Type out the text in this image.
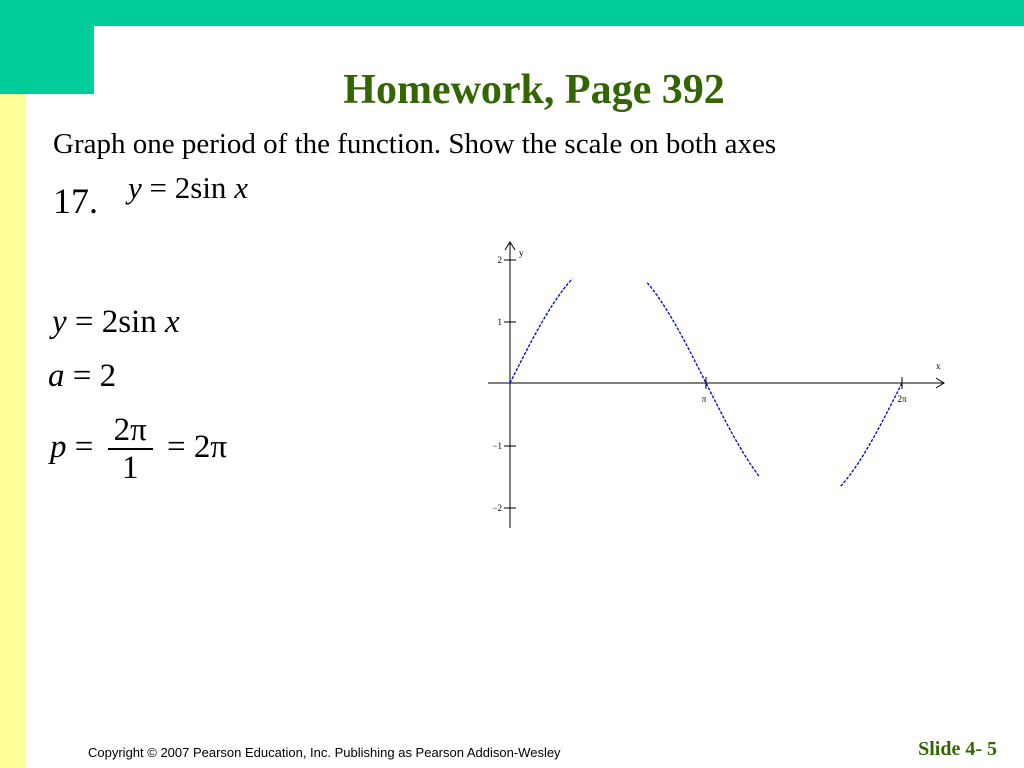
Homework, Page 392
Graph one period of the function. Show the scale on both axes
17. y = 2sin x
y = 2sin x
a = 2
$p = \frac{2\pi}{1} = 2\pi$
y
x
2
1
−1
−2
π	2π
Copyright © 2007 Pearson Education, Inc. Publishing as Pearson Addison-Wesley	Slide 4- 5
